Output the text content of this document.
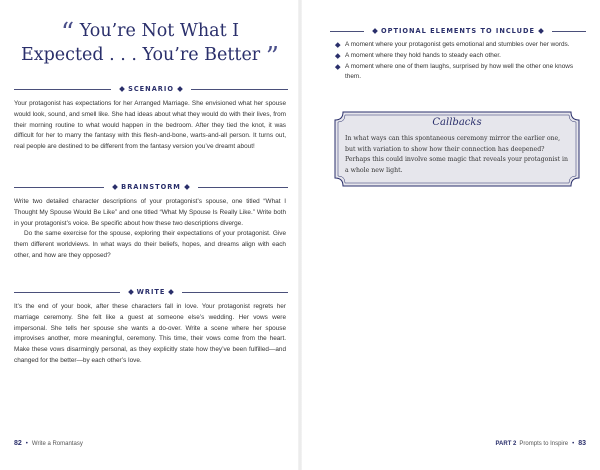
“ You’re Not What I
Expected . . . You’re Better ”
SCENARIO

Your protagonist has expectations for her Arranged Marriage. She envisioned what her spouse would look, sound, and smell like. She had ideas about what they would do with their lives, from their morning routine to what would happen in the bedroom. After they tied the knot, it was difficult for her to marry the fantasy with this flesh-and-bone, warts-and-all person. It turns out, real people are destined to be different from the fantasy version you’ve dreamt about!

BRAINSTORM

Write two detailed character descriptions of your protagonist’s spouse, one titled “What I Thought My Spouse Would Be Like” and one titled “What My Spouse Is Really Like.” Write both in your protagonist’s voice. Be specific about how these two descriptions diverge.

Do the same exercise for the spouse, exploring their expectations of your protagonist. Give them different worldviews. In what ways do their beliefs, hopes, and dreams align with each other, and how are they opposed?

WRITE

It’s the end of your book, after these characters fall in love. Your protagonist regrets her marriage ceremony. She felt like a guest at someone else’s wedding. Her vows were impersonal. She tells her spouse she wants a do-over. Write a scene where her spouse improvises another, more meaningful, ceremony. This time, their vows come from the heart. Make these vows disarmingly personal, as they explicitly state how they’ve been fulfilled—and changed for the better—by each other’s love.

82 • Write a Romantasy
OPTIONAL ELEMENTS TO INCLUDE
A moment where your protagonist gets emotional and stumbles over her words.
A moment where they hold hands to steady each other.
A moment where one of them laughs, surprised by how well the other one knows them.
Callbacks
In what ways can this spontaneous ceremony mirror the earlier one, but with variation to show how their connection has deepened? Perhaps this could involve some magic that reveals your protagonist in a whole new light.
PART 2 Prompts to Inspire • 83
